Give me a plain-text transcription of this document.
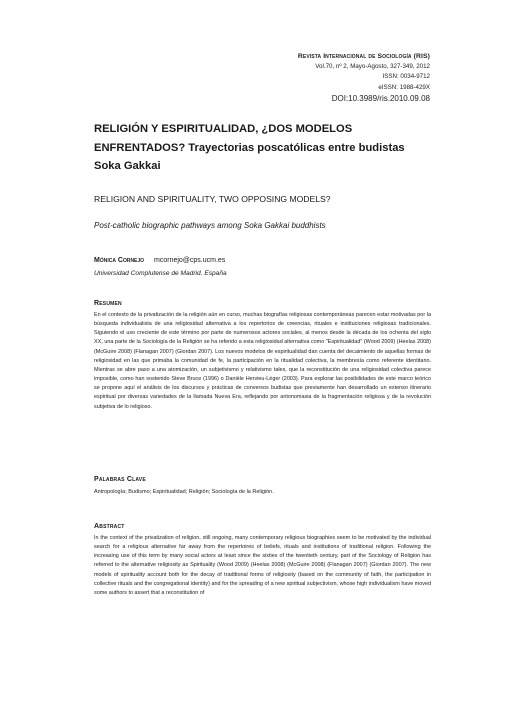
Revista Internacional de Sociología (RIS)
Vol.70, nº 2, Mayo-Agosto, 327-349, 2012
ISSN: 0034-9712
eISSN: 1988-429X
DOI:10.3989/ris.2010.09.08
RELIGIÓN Y ESPIRITUALIDAD, ¿DOS MODELOS
ENFRENTADOS? Trayectorias poscatólicas entre budistas
Soka Gakkai
RELIGION AND SPIRITUALITY, TWO OPPOSING MODELS?
Post-catholic biographic pathways among Soka Gakkai buddhists
Mónica Cornejo mcornejo@cps.ucm.es
Universidad Complutense de Madrid. España
Resumen
En el contexto de la privatización de la religión aún en curso, muchas biografías religiosas contemporáneas parecen estar motivadas por la búsqueda individualista de una religiosidad alternativa a los repertorios de creencias, rituales e instituciones religiosas tradicionales. Siguiendo el uso creciente de este término por parte de numerosos actores sociales, al menos desde la década de los ochenta del siglo XX, una parte de la Sociología de la Religión se ha referido a esta religiosidad alternativa como "Espiritualidad" (Wood 2009) (Heelas 2008) (McGuire 2008) (Flanagan 2007) (Giordan 2007). Los nuevos modelos de espiritualidad dan cuenta del decaimiento de aquellas formas de religiosidad en las que primaba la comunidad de fe, la participación en la ritualidad colectiva, la membresía como referente identitario. Mientras se abre paso a una atomización, un subjetivismo y relativismo tales, que la reconstitución de una religiosidad colectiva parece imposible, como han sostenido Steve Bruce (1996) o Danièle Hervieu-Léger (2003). Para explorar las posibilidades de este marco teórico se propone aquí el análisis de los discursos y prácticas de conversos budistas que previamente han desarrollado un extenso itinerario espiritual por diversas variedades de la llamada Nueva Era, reflejando por antonomasia de la fragmentación religiosa y de la revolución subjetiva de lo religioso.
Palabras Clave
Antropología; Budismo; Espiritualidad; Religión; Sociología de la Religión.
Abstract
In the context of the privatization of religion, still ongoing, many contemporary religious biographies seem to be motivated by the individual search for a religious alternative far away from the repertoires of beliefs, rituals and institutions of traditional religion. Following the increasing use of this term by many social actors at least since the sixties of the twentieth century, part of the Sociology of Religion has referred to the alternative religiosity as Spirituality (Wood 2009) (Heelas 2008) (McGuire 2008) (Flanagan 2007) (Giordan 2007). The new models of spirituality account both for the decay of traditional forms of religiosity (based on the community of faith, the participation in collective rituals and the congregational identity) and for the spreading of a new spiritual subjectivism, whose high individualism have moved some authors to assert that a reconstitution of
